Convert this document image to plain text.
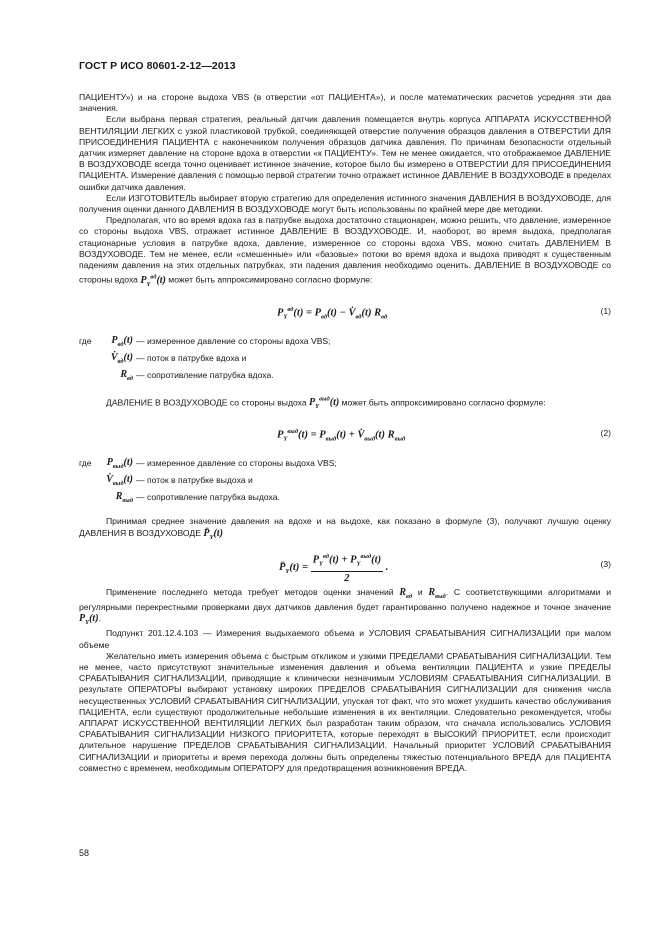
ГОСТ Р ИСО 80601-2-12—2013

ПАЦИЕНТУ») и на стороне выдоха VBS (в отверстии «от ПАЦИЕНТА»), и после математических расчетов усредняя эти два значения.

Если выбрана первая стратегия, реальный датчик давления помещается внутрь корпуса АППАРАТА ИСКУССТВЕННОЙ ВЕНТИЛЯЦИИ ЛЕГКИХ с узкой пластиковой трубкой, соединяющей отверстие получения образцов давления в ОТВЕРСТИИ ДЛЯ ПРИСОЕДИНЕНИЯ ПАЦИЕНТА с наконечником получения образцов датчика давления. По причинам безопасности отдельный датчик измеряет давление на стороне вдоха в отверстии «к ПАЦИЕНТУ». Тем не менее ожидается, что отображаемое ДАВЛЕНИЕ В ВОЗДУХОВОДЕ всегда точно оценивает истинное значение, которое было бы измерено в ОТВЕРСТИИ ДЛЯ ПРИСОЕДИНЕНИЯ ПАЦИЕНТА. Измерение давления с помощью первой стратегии точно отражает истинное ДАВЛЕНИЕ В ВОЗДУХОВОДЕ в пределах ошибки датчика давления.

Если ИЗГОТОВИТЕЛЬ выбирает вторую стратегию для определения истинного значения ДАВЛЕНИЯ В ВОЗДУХОВОДЕ, для получения оценки данного ДАВЛЕНИЯ В ВОЗДУХОВОДЕ могут быть использованы по крайней мере две методики.

Предполагая, что во время вдоха газ в патрубке выдоха достаточно стационарен, можно решить, что давление, измеренное со стороны выдоха VBS, отражает истинное ДАВЛЕНИЕ В ВОЗДУХОВОДЕ. И, наоборот, во время выдоха, предполагая стационарные условия в патрубке вдоха, давление, измеренное со стороны вдоха VBS, можно считать ДАВЛЕНИЕМ В ВОЗДУХОВОДЕ. Тем не менее, если «смешенные» или «базовые» потоки во время вдоха и выдоха приводят к существенным падениям давления на этих отдельных патрубках, эти падения давления необходимо оценить. ДАВЛЕНИЕ В ВОЗДУХОВОДЕ со стороны вдоха $P_Y^{вд}(t)$ может быть аппроксимировано согласно формуле:

$P_Y^{вд}(t) = P_{вд}(t)$ − $V̇_{вд}(t)$ $R_{вд}$
(1)
где $P_{вд}(t)$ — измеренное давление со стороны вдоха VBS;
$V̇_{вд}(t)$ — поток в патрубке вдоха и
$R_{вд}$ — сопротивление патрубка вдоха.

ДАВЛЕНИЕ В ВОЗДУХОВОДЕ со стороны выдоха $P_Y^{выд}(t)$ может быть аппроксимировано согласно формуле:

$P_Y^{выд}(t) = P_{выд}(t)$ + $V̇_{выд}(t)$ $R_{выд}$
(2)
где $P_{выд}(t)$ — измеренное давление со стороны выдоха VBS;
$V̇_{выд}(t)$ — поток в патрубке выдоха и
$R_{выд}$ — сопротивление патрубка выдоха.

Принимая среднее значение давления на вдохе и на выдохе, как показано в формуле (3), получают лучшую оценку ДАВЛЕНИЯ В ВОЗДУХОВОДЕ $P̄_Y(t)$

$P̄_Y(t) = \frac{P_Y^{вд}(t) + P_Y^{выд}(t)}{2}$ .	(3)

Применение последнего метода требует методов оценки значений $R_{вд}$ и $R_{выд}$. С соответствующими алгоритмами и регулярными перекрестными проверками двух датчиков давления будет гарантированно получено надежное и точное значение $P_Y(t)$.

Подпункт 201.12.4.103 — Измерения выдыхаемого объема и УСЛОВИЯ СРАБАТЫВАНИЯ СИГНАЛИЗАЦИИ при малом объеме

Желательно иметь измерения объема с быстрым откликом и узкими ПРЕДЕЛАМИ СРАБАТЫВАНИЯ СИГНАЛИЗАЦИИ. Тем не менее, часто присутствуют значительные изменения давления и объема вентиляции ПАЦИЕНТА и узкие ПРЕДЕЛЫ СРАБАТЫВАНИЯ СИГНАЛИЗАЦИИ, приводящие к клинически незначимым УСЛОВИЯМ СРАБАТЫВАНИЯ СИГНАЛИЗАЦИИ. В результате ОПЕРАТОРЫ выбирают установку широких ПРЕДЕЛОВ СРАБАТЫВАНИЯ СИГНАЛИЗАЦИИ для снижения числа несущественных УСЛОВИЙ СРАБАТЫВАНИЯ СИГНАЛИЗАЦИИ, упуская тот факт, что это может ухудшить качество обслуживания ПАЦИЕНТА, если существуют продолжительные небольшие изменения в их вентиляции. Следовательно рекомендуется, чтобы АППАРАТ ИСКУССТВЕННОЙ ВЕНТИЛЯЦИИ ЛЕГКИХ был разработан таким образом, что сначала использовались УСЛОВИЯ СРАБАТЫВАНИЯ СИГНАЛИЗАЦИИ НИЗКОГО ПРИОРИТЕТА, которые переходят в ВЫСОКИЙ ПРИОРИТЕТ, если происходит длительное нарушение ПРЕДЕЛОВ СРАБАТЫВАНИЯ СИГНАЛИЗАЦИИ. Начальный приоритет УСЛОВИЙ СРАБАТЫВАНИЯ СИГНАЛИЗАЦИИ и приоритеты и время перехода должны быть определены тяжестью потенциального ВРЕДА для ПАЦИЕНТА совместно с временем, необходимым ОПЕРАТОРУ для предотвращения возникновения ВРЕДА.

58
